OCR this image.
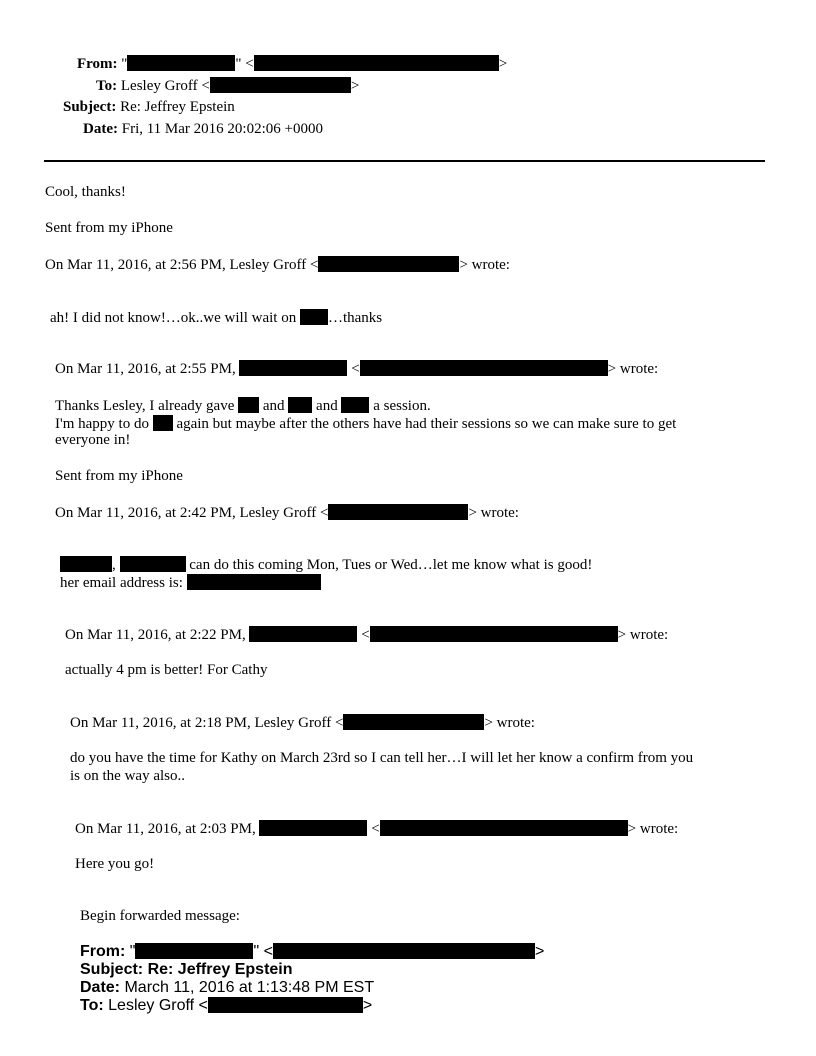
From: "	" <	>
To: Lesley Groff <	>
Subject: Re: Jeffrey Epstein
Date: Fri, 11 Mar 2016 20:02:06 +0000
Cool, thanks!
Sent from my iPhone
On Mar 11, 2016, at 2:56 PM, Lesley Groff <	> wrote:
ah! I did not know!…ok..we will wait on …thanks
On Mar 11, 2016, at 2:55 PM,	<	> wrote:
Thanks Lesley, I already gave and and a session.
I'm happy to do again but maybe after the others have had their sessions so we can make sure to get
everyone in!
Sent from my iPhone
On Mar 11, 2016, at 2:42 PM, Lesley Groff <	> wrote:
,	can do this coming Mon, Tues or Wed…let me know what is good!
her email address is:
On Mar 11, 2016, at 2:22 PM,	<	> wrote:
actually 4 pm is better! For Cathy
On Mar 11, 2016, at 2:18 PM, Lesley Groff <	> wrote:
do you have the time for Kathy on March 23rd so I can tell her…I will let her know a confirm from you
is on the way also..
On Mar 11, 2016, at 2:03 PM,	<	> wrote:
Here you go!
Begin forwarded message:
From: "	" <	>
Subject: Re: Jeffrey Epstein
Date: March 11, 2016 at 1:13:48 PM EST
To: Lesley Groff <	>
